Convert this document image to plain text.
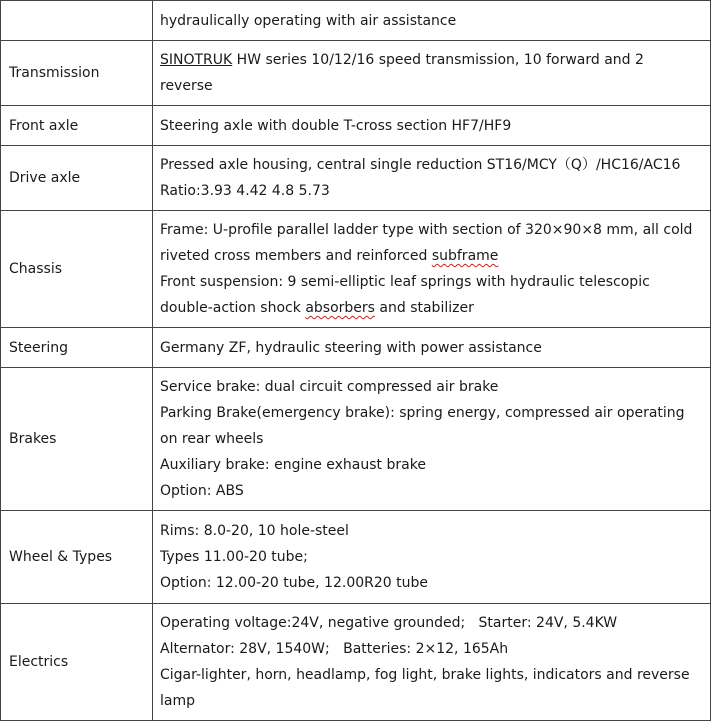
	hydraulically operating with air assistance

Transmission	SINOTRUK HW series 10/12/16 speed transmission, 10 forward and 2
reverse

Front axle	Steering axle with double T-cross section HF7/HF9

Drive axle	Pressed axle housing, central single reduction ST16/MCY（Q）/HC16/AC16
Ratio:3.93 4.42 4.8 5.73

Chassis	Frame: U-profile parallel ladder type with section of 320×90×8 mm, all cold
riveted cross members and reinforced subframe
Front suspension: 9 semi-elliptic leaf springs with hydraulic telescopic
double-action shock absorbers and stabilizer

Steering	Germany ZF, hydraulic steering with power assistance

Brakes	Service brake: dual circuit compressed air brake
Parking Brake(emergency brake): spring energy, compressed air operating
on rear wheels
Auxiliary brake: engine exhaust brake
Option: ABS

Wheel & Types	Rims: 8.0-20, 10 hole-steel
Types 11.00-20 tube;
Option: 12.00-20 tube, 12.00R20 tube

Electrics	Operating voltage:24V, negative grounded;   Starter: 24V, 5.4KW
Alternator: 28V, 1540W;   Batteries: 2×12, 165Ah
Cigar-lighter, horn, headlamp, fog light, brake lights, indicators and reverse
lamp
